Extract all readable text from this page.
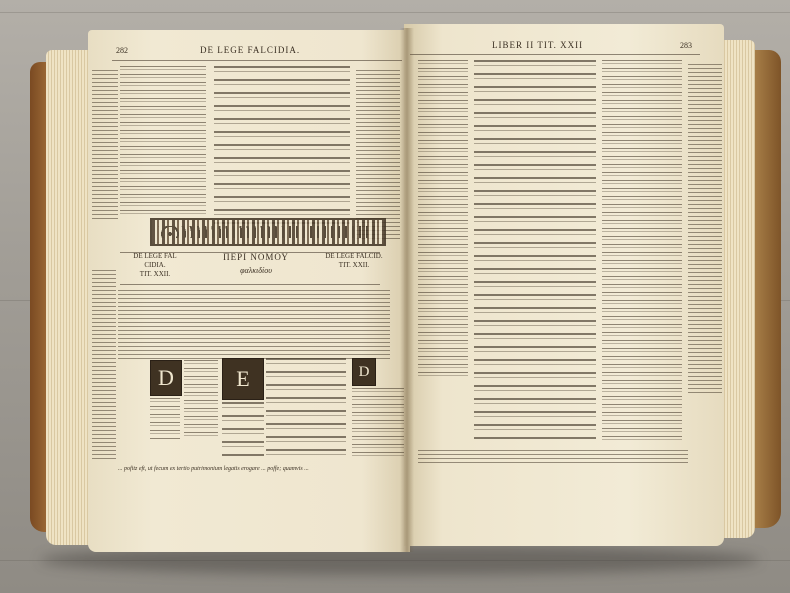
282	DE LEGE FALCIDIA.
DE LEGE FAL CIDIA.
TIT. XXII.
ΠΕΡΙ ΝΟΜΟΥ
φαλκιδίου
DE LEGE FALCID.
TIT. XXII.
D	E	D
... pofitz eft, ut fecum ex tertio putrimonium legatis erogare ... poffe; quamvis ...
LIBER II TIT. XXII	283
